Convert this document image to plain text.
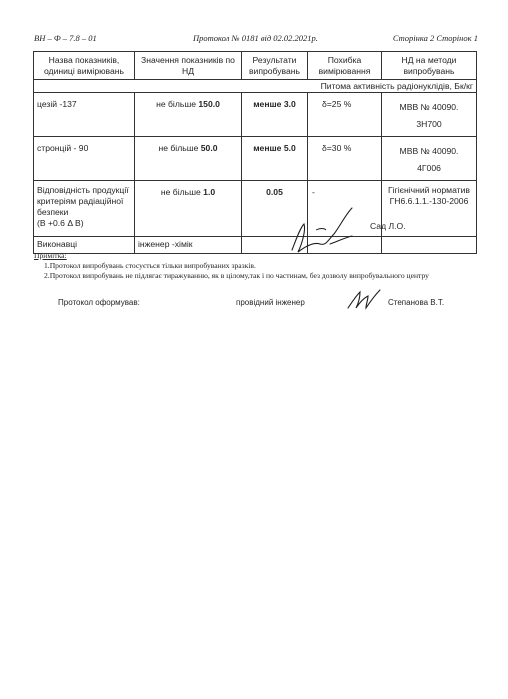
ВН – Ф – 7.8 – 01	Протокол № 0181 від 02.02.2021р.	Сторінка 2 Сторінок 1
Назва показників, одиниці вимірювань	Значення показників по НД	Результати випробувань	Похибка вимірювання	НД на методи випробувань
Питома активність радіонуклідів, Бк/кг				
цезій -137	не більше 150.0	менше 3.0	δ=25 %	МВВ № 40090.
3Н700
стронцій - 90	не більше 50.0	менше 5.0	δ=30 %	МВВ № 40090.
4Г006
Відповідність продукції
критеріям радіаційної
безпеки
(В +0.6 Δ В)	не більше 1.0	0.05	-	Гігієнічний норматив
ГН6.6.1.1.-130-2006
Виконавці	інженер -хімік			
Сад Л.О.
Примітка:
1.Протокол випробувань стосується тільки випробуваних зразків.
2.Протокол випробувань не підлягає тиражуванню, як в цілому,так і по частинам, без дозволу випробувального центру
Протокол оформував:	провідний інженер	Степанова В.Т.
